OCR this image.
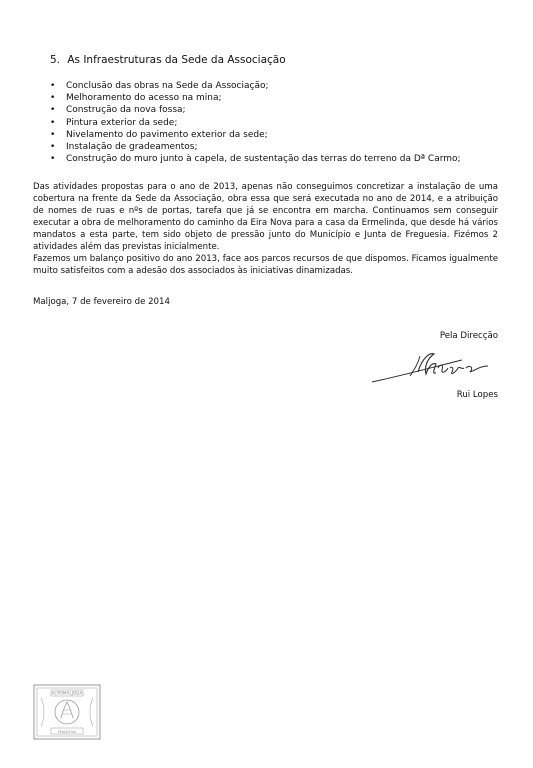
5. As Infraestruturas da Sede da Associação
• Conclusão das obras na Sede da Associação;
• Melhoramento do acesso na mina;
• Construção da nova fossa;
• Pintura exterior da sede;
• Nivelamento do pavimento exterior da sede;
• Instalação de gradeamentos;
• Construção do muro junto à capela, de sustentação das terras do terreno da Dª Carmo;

Das atividades propostas para o ano de 2013, apenas não conseguimos concretizar a instalação de uma cobertura na frente da Sede da Associação, obra essa que será executada no ano de 2014, e a atribuição de nomes de ruas e nºs de portas, tarefa que já se encontra em marcha. Continuamos sem conseguir executar a obra de melhoramento do caminho da Eira Nova para a casa da Ermelinda, que desde há vários mandatos a esta parte, tem sido objeto de pressão junto do Município e Junta de Freguesia. Fizémos 2 atividades além das previstas inicialmente.

Fazemos um balanço positivo do ano 2013, face aos parcos recursos de que dispomos. Ficamos igualmente muito satisfeitos com a adesão dos associados às iniciativas dinamizadas.

Maljoga, 7 de fevereiro de 2014

Pela Direcção

Rui Lopes

ACRSMALJOGA
MALJOGA
